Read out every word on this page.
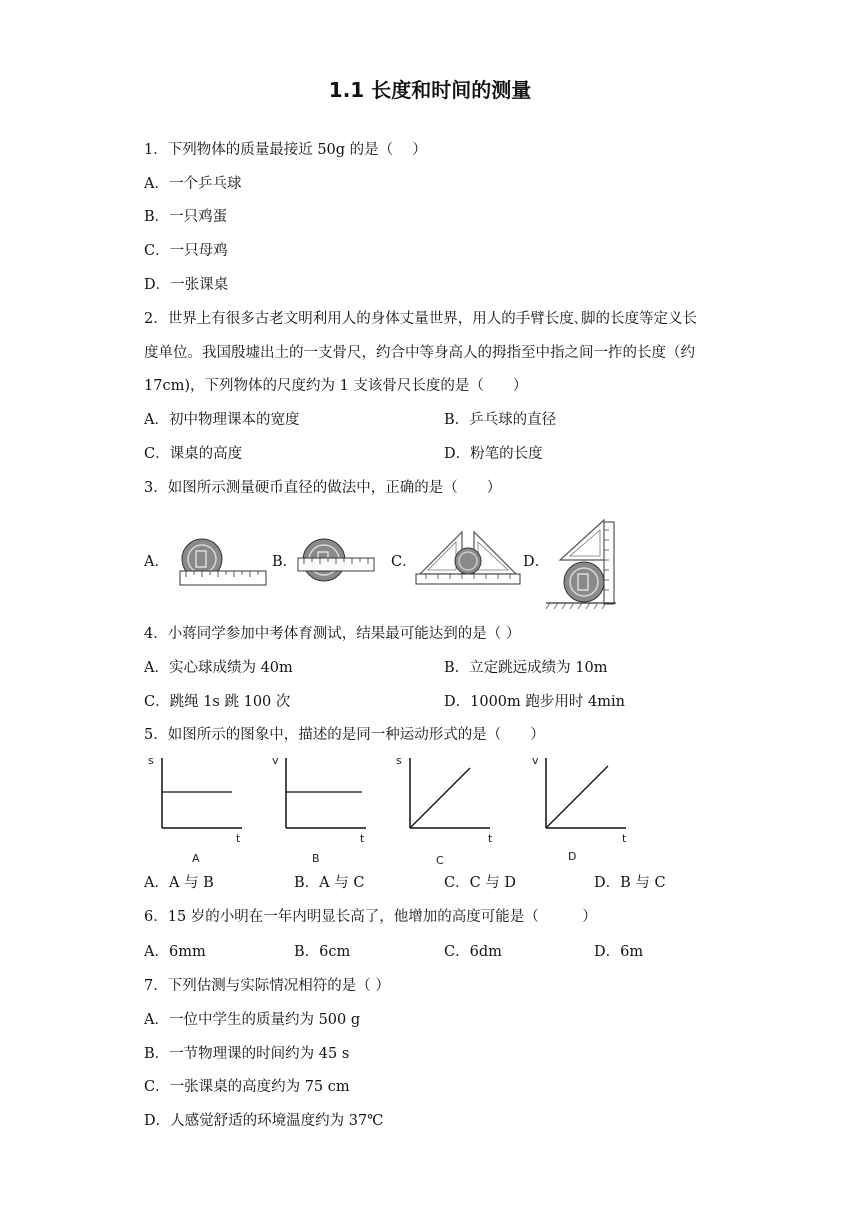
1.1 长度和时间的测量
1．下列物体的质量最接近 50g 的是（　 ）
A．一个乒乓球
B．一只鸡蛋
C．一只母鸡
D．一张课桌
2．世界上有很多古老文明利用人的身体丈量世界，用人的手臂长度､脚的长度等定义长
度单位。我国殷墟出土的一支骨尺，约合中等身高人的拇指至中指之间一拃的长度（约
17cm)，下列物体的尺度约为 1 支该骨尺长度的是（　　）
A．初中物理课本的宽度	B．乒乓球的直径
C．课桌的高度	D．粉笔的长度
3．如图所示测量硬币直径的做法中，正确的是（　　）
A．	B．	C．	D．
4．小蒋同学参加中考体育测试，结果最可能达到的是（ ）
A．实心球成绩为 40m	B．立定跳远成绩为 10m
C．跳绳 1s 跳 100 次	D．1000m 跑步用时 4min
5．如图所示的图象中，描述的是同一种运动形式的是（　　）
s
t
A
v
t
B
s
t
C
v
t
D
A．A 与 B	B．A 与 C	C．C 与 D	D．B 与 C
6．15 岁的小明在一年内明显长高了，他增加的高度可能是（　　　）
A．6mm	B．6cm	C．6dm	D．6m
7．下列估测与实际情况相符的是（ ）
A．一位中学生的质量约为 500 g
B．一节物理课的时间约为 45 s
C．一张课桌的高度约为 75 cm
D．人感觉舒适的环境温度约为 37℃
